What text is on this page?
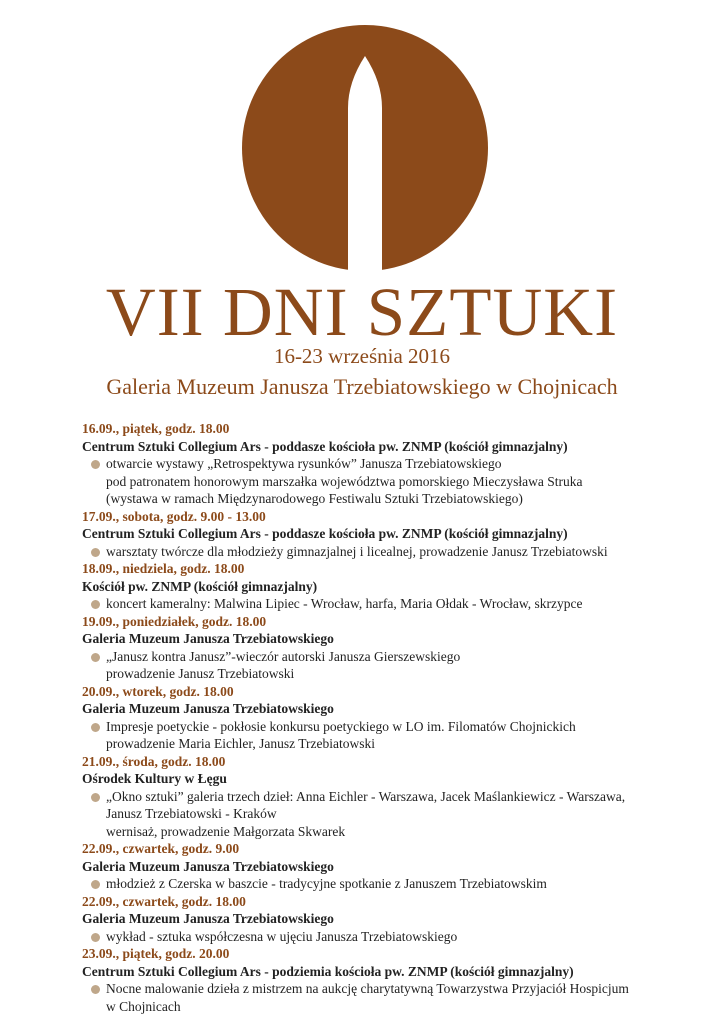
VII DNI SZTUKI
16-23 września 2016
Galeria Muzeum Janusza Trzebiatowskiego w Chojnicach
16.09., piątek, godz. 18.00
Centrum Sztuki Collegium Ars - poddasze kościoła pw. ZNMP (kościół gimnazjalny)
otwarcie wystawy „Retrospektywa rysunków” Janusza Trzebiatowskiego
pod patronatem honorowym marszałka województwa pomorskiego Mieczysława Struka
(wystawa w ramach Międzynarodowego Festiwalu Sztuki Trzebiatowskiego)
17.09., sobota, godz. 9.00 - 13.00
Centrum Sztuki Collegium Ars - poddasze kościoła pw. ZNMP (kościół gimnazjalny)
warsztaty twórcze dla młodzieży gimnazjalnej i licealnej, prowadzenie Janusz Trzebiatowski
18.09., niedziela, godz. 18.00
Kościół pw. ZNMP (kościół gimnazjalny)
koncert kameralny: Malwina Lipiec - Wrocław, harfa, Maria Ołdak - Wrocław, skrzypce
19.09., poniedziałek, godz. 18.00
Galeria Muzeum Janusza Trzebiatowskiego
„Janusz kontra Janusz”-wieczór autorski Janusza Gierszewskiego
prowadzenie Janusz Trzebiatowski
20.09., wtorek, godz. 18.00
Galeria Muzeum Janusza Trzebiatowskiego
Impresje poetyckie - pokłosie konkursu poetyckiego w LO im. Filomatów Chojnickich
prowadzenie Maria Eichler, Janusz Trzebiatowski
21.09., środa, godz. 18.00
Ośrodek Kultury w Łęgu
„Okno sztuki” galeria trzech dzieł: Anna Eichler - Warszawa, Jacek Maślankiewicz - Warszawa,
Janusz Trzebiatowski - Kraków
wernisaż, prowadzenie Małgorzata Skwarek
22.09., czwartek, godz. 9.00
Galeria Muzeum Janusza Trzebiatowskiego
młodzież z Czerska w baszcie - tradycyjne spotkanie z Januszem Trzebiatowskim
22.09., czwartek, godz. 18.00
Galeria Muzeum Janusza Trzebiatowskiego
wykład - sztuka współczesna w ujęciu Janusza Trzebiatowskiego
23.09., piątek, godz. 20.00
Centrum Sztuki Collegium Ars - podziemia kościoła pw. ZNMP (kościół gimnazjalny)
Nocne malowanie dzieła z mistrzem na aukcję charytatywną Towarzystwa Przyjaciół Hospicjum
w Chojnicach
